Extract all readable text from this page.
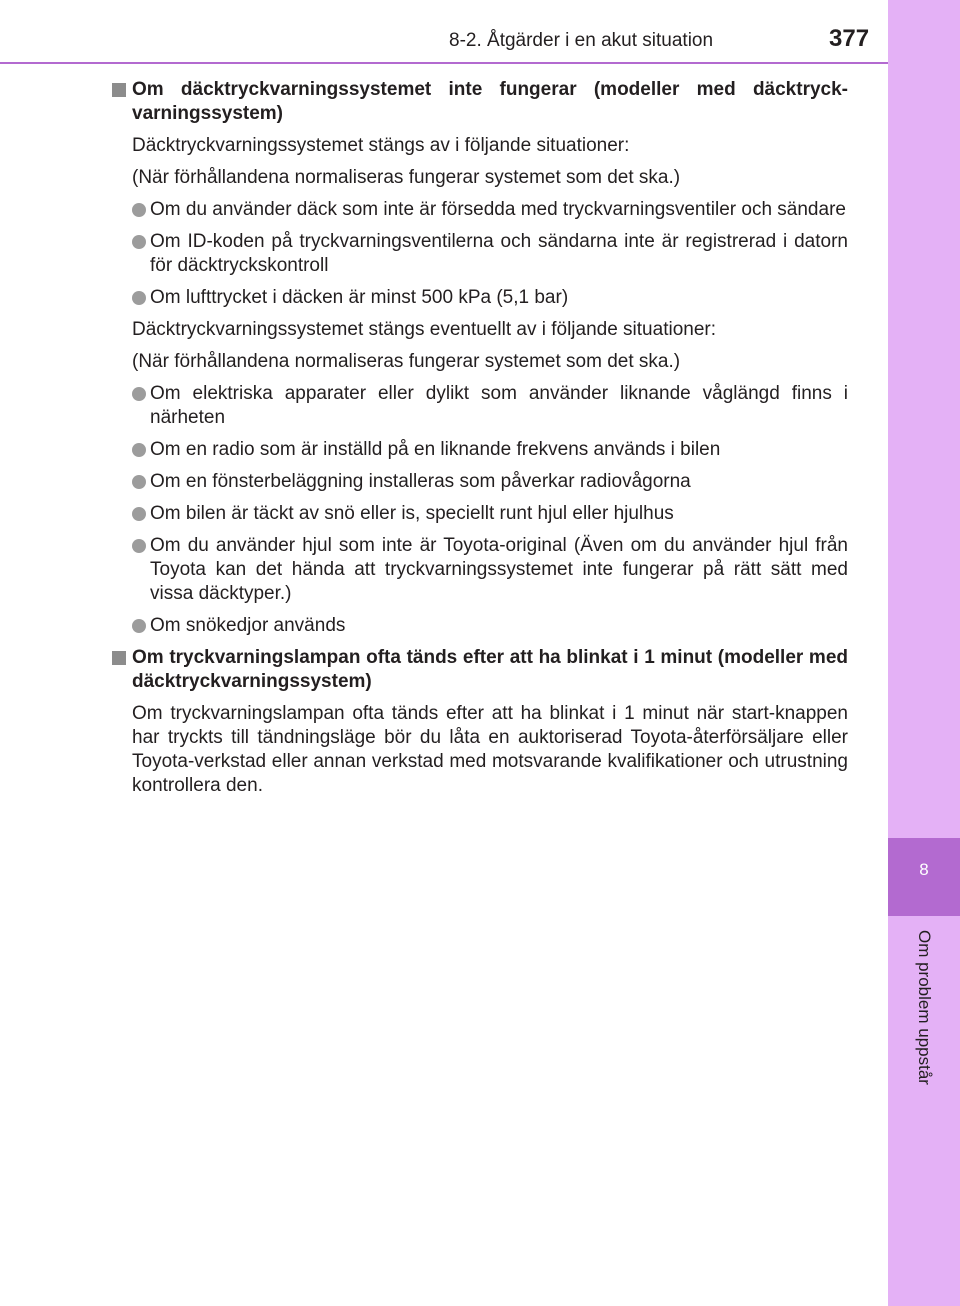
8-2. Åtgärder i en akut situation	377
8
Om problem uppstår
Om däcktryckvarningssystemet inte fungerar (modeller med däcktryck-varningssystem)
Däcktryckvarningssystemet stängs av i följande situationer:
(När förhållandena normaliseras fungerar systemet som det ska.)
Om du använder däck som inte är försedda med tryckvarningsventiler och sändare
Om ID-koden på tryckvarningsventilerna och sändarna inte är registrerad i datorn för däcktryckskontroll
Om lufttrycket i däcken är minst 500 kPa (5,1 bar)
Däcktryckvarningssystemet stängs eventuellt av i följande situationer:
(När förhållandena normaliseras fungerar systemet som det ska.)
Om elektriska apparater eller dylikt som använder liknande våglängd finns i närheten
Om en radio som är inställd på en liknande frekvens används i bilen
Om en fönsterbeläggning installeras som påverkar radiovågorna
Om bilen är täckt av snö eller is, speciellt runt hjul eller hjulhus
Om du använder hjul som inte är Toyota-original (Även om du använder hjul från Toyota kan det hända att tryckvarningssystemet inte fungerar på rätt sätt med vissa däcktyper.)
Om snökedjor används
Om tryckvarningslampan ofta tänds efter att ha blinkat i 1 minut (modeller med däcktryckvarningssystem)
Om tryckvarningslampan ofta tänds efter att ha blinkat i 1 minut när start-knappen har tryckts till tändningsläge bör du låta en auktoriserad Toyota-återförsäljare eller Toyota-verkstad eller annan verkstad med motsvarande kvalifikationer och utrustning kontrollera den.
